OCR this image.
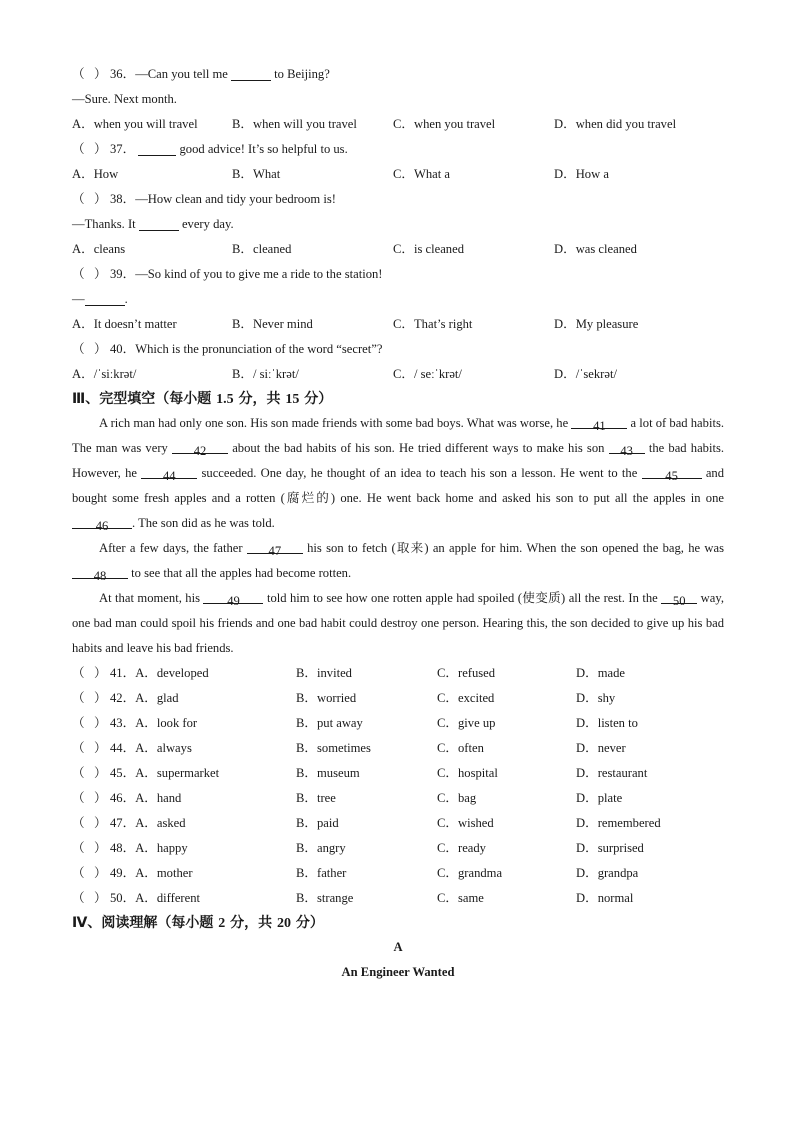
（ ） 36．—Can you tell me	to Beijing?
—Sure. Next month.
A．when you will travel	B．when will you travel	C．when you travel	D．when did you travel
（ ） 37．	good advice! It’s so helpful to us.
A．How	B．What	C．What a	D．How a
（ ） 38．—How clean and tidy your bedroom is!
—Thanks. It	every day.
A．cleans	B．cleaned	C．is cleaned	D．was cleaned
（ ） 39．—So kind of you to give me a ride to the station!
—	.
A．It doesn’t matter	B．Never mind	C．That’s right	D．My pleasure
（ ） 40．Which is the pronunciation of the word “secret”?
A．/ˈsiːkrət/	B．/ siːˈkrət/	C．/ seːˈkrət/	D．/ˈsekrət/
Ⅲ、完型填空（每小题 1.5 分，共 15 分）

A rich man had only one son. His son made friends with some bad boys. What was worse, he 41 a lot of bad habits. The man was very 42 about the bad habits of his son. He tried different ways to make his son 43 the bad habits. However, he 44 succeeded. One day, he thought of an idea to teach his son a lesson. He went to the 45 and bought some fresh apples and a rotten (腐烂的) one. He went back home and asked his son to put all the apples in one 46 . The son did as he was told.

After a few days, the father 47 his son to fetch (取来) an apple for him. When the son opened the bag, he was 48 to see that all the apples had become rotten.

At that moment, his 49 told him to see how one rotten apple had spoiled (使变质) all the rest. In the 50 way, one bad man could spoil his friends and one bad habit could destroy one person. Hearing this, the son decided to give up his bad habits and leave his bad friends.

（ ） 41．A．developed	B．invited	C．refused	D．made
（ ） 42．A．glad	B．worried	C．excited	D．shy
（ ） 43．A．look for	B．put away	C．give up	D．listen to
（ ） 44．A．always	B．sometimes	C．often	D．never
（ ） 45．A．supermarket	B．museum	C．hospital	D．restaurant
（ ） 46．A．hand	B．tree	C．bag	D．plate
（ ） 47．A．asked	B．paid	C．wished	D．remembered
（ ） 48．A．happy	B．angry	C．ready	D．surprised
（ ） 49．A．mother	B．father	C．grandma	D．grandpa
（ ） 50．A．different	B．strange	C．same	D．normal
Ⅳ、阅读理解（每小题 2 分，共 20 分）
A
An Engineer Wanted
